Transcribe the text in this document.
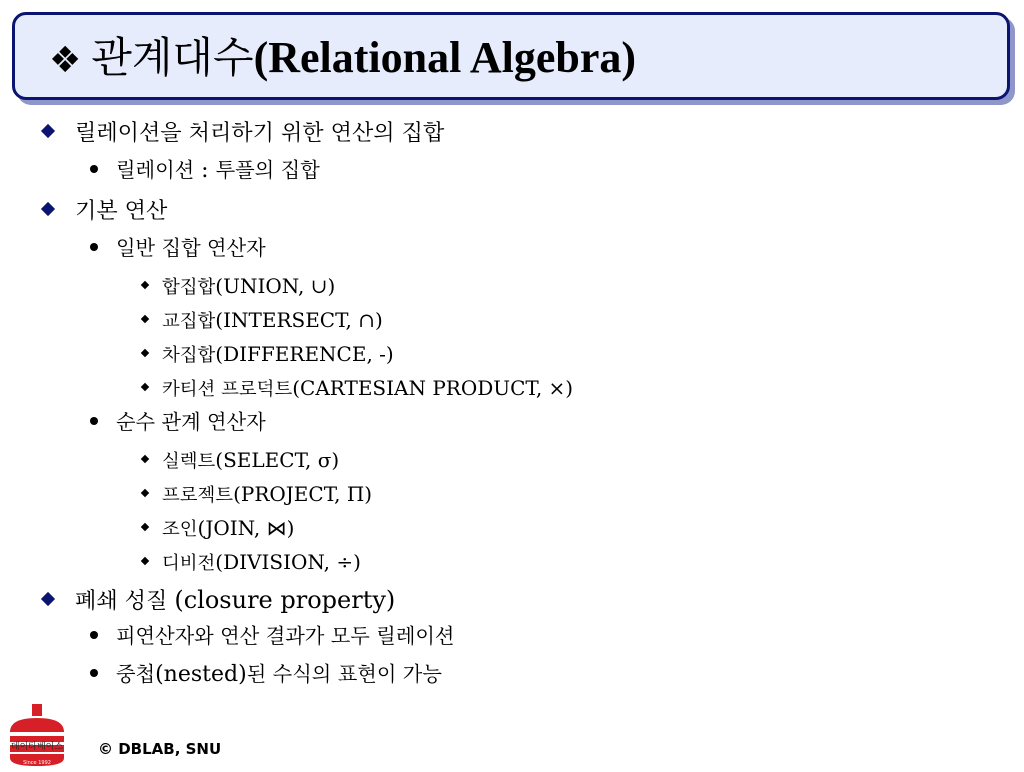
❖ 관계대수(Relational Algebra)
릴레이션을 처리하기 위한 연산의 집합
릴레이션 : 투플의 집합
기본 연산
일반 집합 연산자
합집합(UNION, ∪)
교집합(INTERSECT, ∩)
차집합(DIFFERENCE, -)
카티션 프로덕트(CARTESIAN PRODUCT, ×)
순수 관계 연산자
실렉트(SELECT, σ)
프로젝트(PROJECT, Π)
조인(JOIN, ⋈)
디비전(DIVISION, ÷)
폐쇄 성질 (closure property)
피연산자와 연산 결과가 모두 릴레이션
중첩(nested)된 수식의 표현이 가능
데이타베이스
Since 1992
© DBLAB, SNU
